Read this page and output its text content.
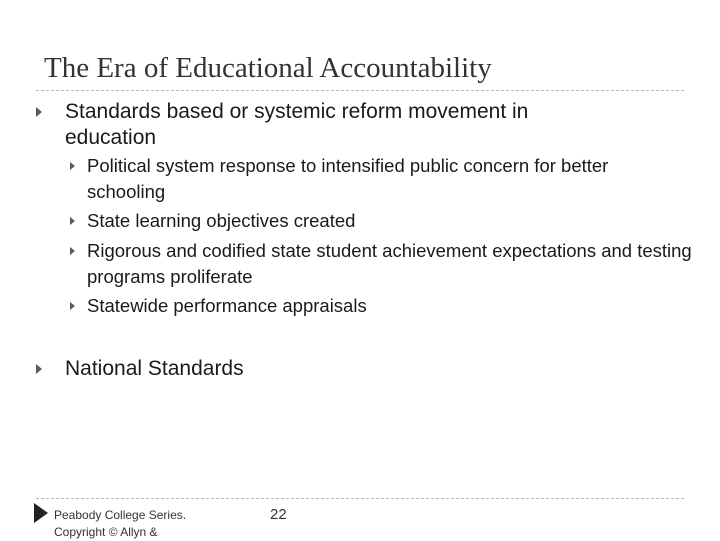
The Era of Educational Accountability
Standards based or systemic reform movement in education
Political system response to intensified public concern for better schooling
State learning objectives created
Rigorous and codified state student achievement expectations and testing programs proliferate
Statewide performance appraisals
National Standards
Peabody College Series.
Copyright © Allyn &
22
